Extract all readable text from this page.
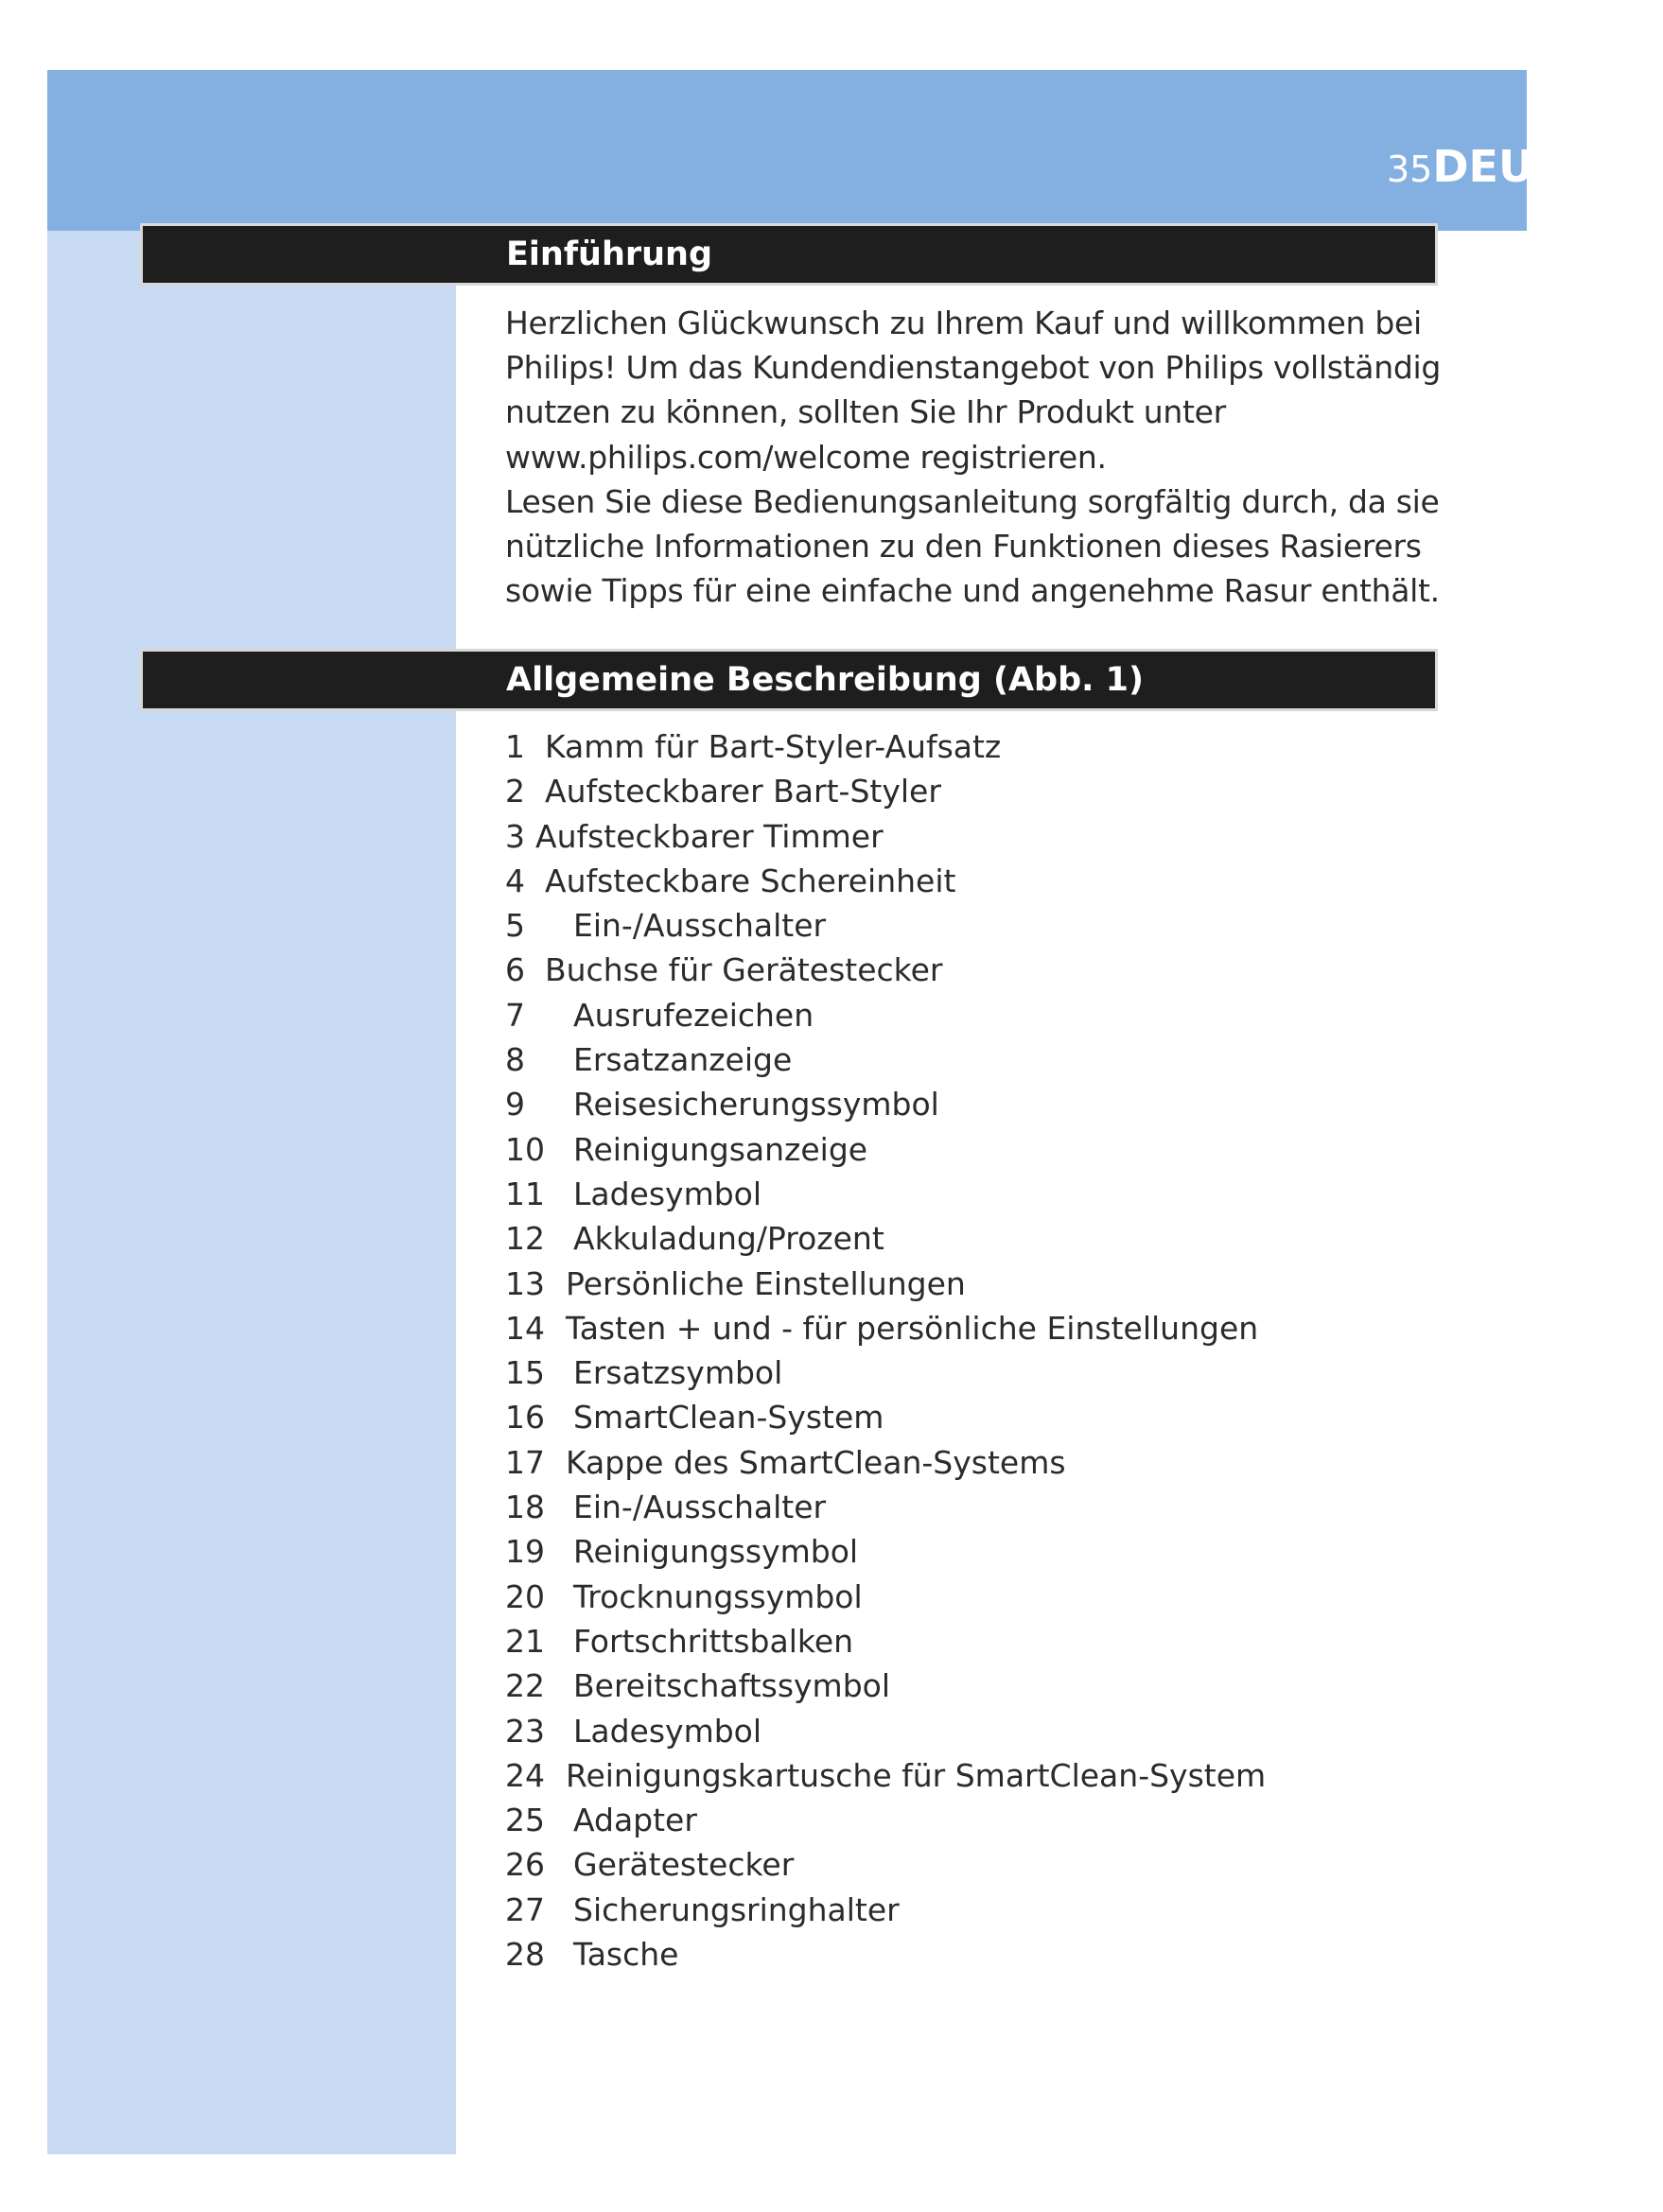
35DEUTSCH
Einführung

Herzlichen Glückwunsch zu Ihrem Kauf und willkommen bei Philips! Um das Kundendienstangebot von Philips vollständig nutzen zu können, sollten Sie Ihr Produkt unter www.philips.com/welcome registrieren.

Lesen Sie diese Bedienungsanleitung sorgfältig durch, da sie nützliche Informationen zu den Funktionen dieses Rasierers sowie Tipps für eine einfache und angenehme Rasur enthält.

Allgemeine Beschreibung (Abb. 1)
1 Kamm für Bart-Styler-Aufsatz
2 Aufsteckbarer Bart-Styler
3 Aufsteckbarer Timmer
4 Aufsteckbare Schereinheit
5 Ein-/Ausschalter
6 Buchse für Gerätestecker
7 Ausrufezeichen
8 Ersatzanzeige
9 Reisesicherungssymbol
10 Reinigungsanzeige
11 Ladesymbol
12 Akkuladung/Prozent
13 Persönliche Einstellungen
14 Tasten + und - für persönliche Einstellungen
15 Ersatzsymbol
16 SmartClean-System
17 Kappe des SmartClean-Systems
18 Ein-/Ausschalter
19 Reinigungssymbol
20 Trocknungssymbol
21 Fortschrittsbalken
22 Bereitschaftssymbol
23 Ladesymbol
24 Reinigungskartusche für SmartClean-System
25 Adapter
26 Gerätestecker
27 Sicherungsringhalter
28 Tasche
